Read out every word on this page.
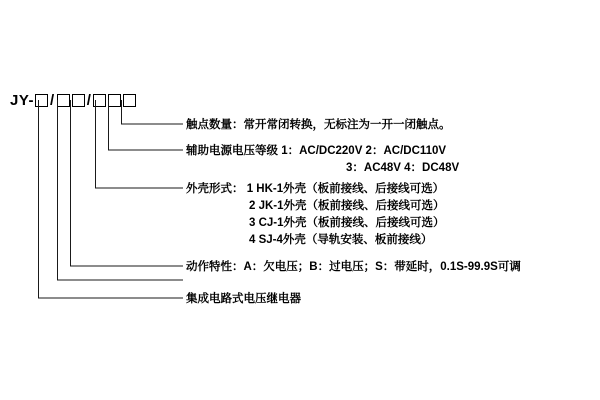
JY- / /
触点数量：常开常闭转换，无标注为一开一闭触点。
辅助电源电压等级 1：AC/DC220V 2：AC/DC110V
3：AC48V 4：DC48V
外壳形式： 1 HK-1外壳（板前接线、后接线可选）
2 JK-1外壳（板前接线、后接线可选）
3 CJ-1外壳（板前接线、后接线可选）
4 SJ-4外壳（导轨安装、板前接线）
动作特性：A：欠电压；B：过电压；S：带延时，0.1S-99.9S可调
集成电路式电压继电器
